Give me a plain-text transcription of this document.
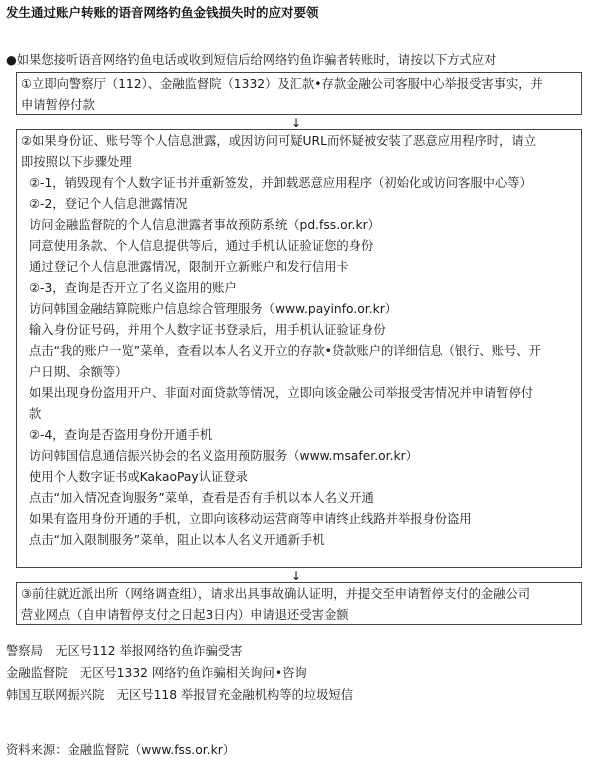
发生通过账户转账的语音网络钓鱼金钱损失时的应对要领
●如果您接听语音网络钓鱼电话或收到短信后给网络钓鱼诈骗者转账时，请按以下方式应对
①立即向警察厅（112）、金融监督院（1332）及汇款•存款金融公司客服中心举报受害事实，并
申请暂停付款
↓
②如果身份证、账号等个人信息泄露，或因访问可疑URL而怀疑被安装了恶意应用程序时，请立
即按照以下步骤处理
②-1，销毁现有个人数字证书并重新签发，并卸载恶意应用程序（初始化或访问客服中心等）
②-2，登记个人信息泄露情况
访问金融监督院的个人信息泄露者事故预防系统（pd.fss.or.kr）
同意使用条款、个人信息提供等后，通过手机认证验证您的身份
通过登记个人信息泄露情况，限制开立新账户和发行信用卡
②-3，查询是否开立了名义盗用的账户
访问韩国金融结算院账户信息综合管理服务（www.payinfo.or.kr）
输入身份证号码，并用个人数字证书登录后，用手机认证验证身份
点击“我的账户一览”菜单，查看以本人名义开立的存款•贷款账户的详细信息（银行、账号、开
户日期、余额等）
如果出现身份盗用开户、非面对面贷款等情况，立即向该金融公司举报受害情况并申请暂停付
款
②-4，查询是否盗用身份开通手机
访问韩国信息通信振兴协会的名义盗用预防服务（www.msafer.or.kr）
使用个人数字证书或KakaoPay认证登录
点击“加入情况查询服务”菜单，查看是否有手机以本人名义开通
如果有盗用身份开通的手机，立即向该移动运营商等申请终止线路并举报身份盗用
点击“加入限制服务”菜单，阻止以本人名义开通新手机
↓
③前往就近派出所（网络调查组），请求出具事故确认证明，并提交至申请暂停支付的金融公司
营业网点（自申请暂停支付之日起3日内）申请退还受害金额
警察局　无区号112 举报网络钓鱼诈骗受害
金融监督院　无区号1332 网络钓鱼诈骗相关询问•咨询
韩国互联网振兴院　无区号118 举报冒充金融机构等的垃圾短信
资料来源：金融监督院（www.fss.or.kr）
